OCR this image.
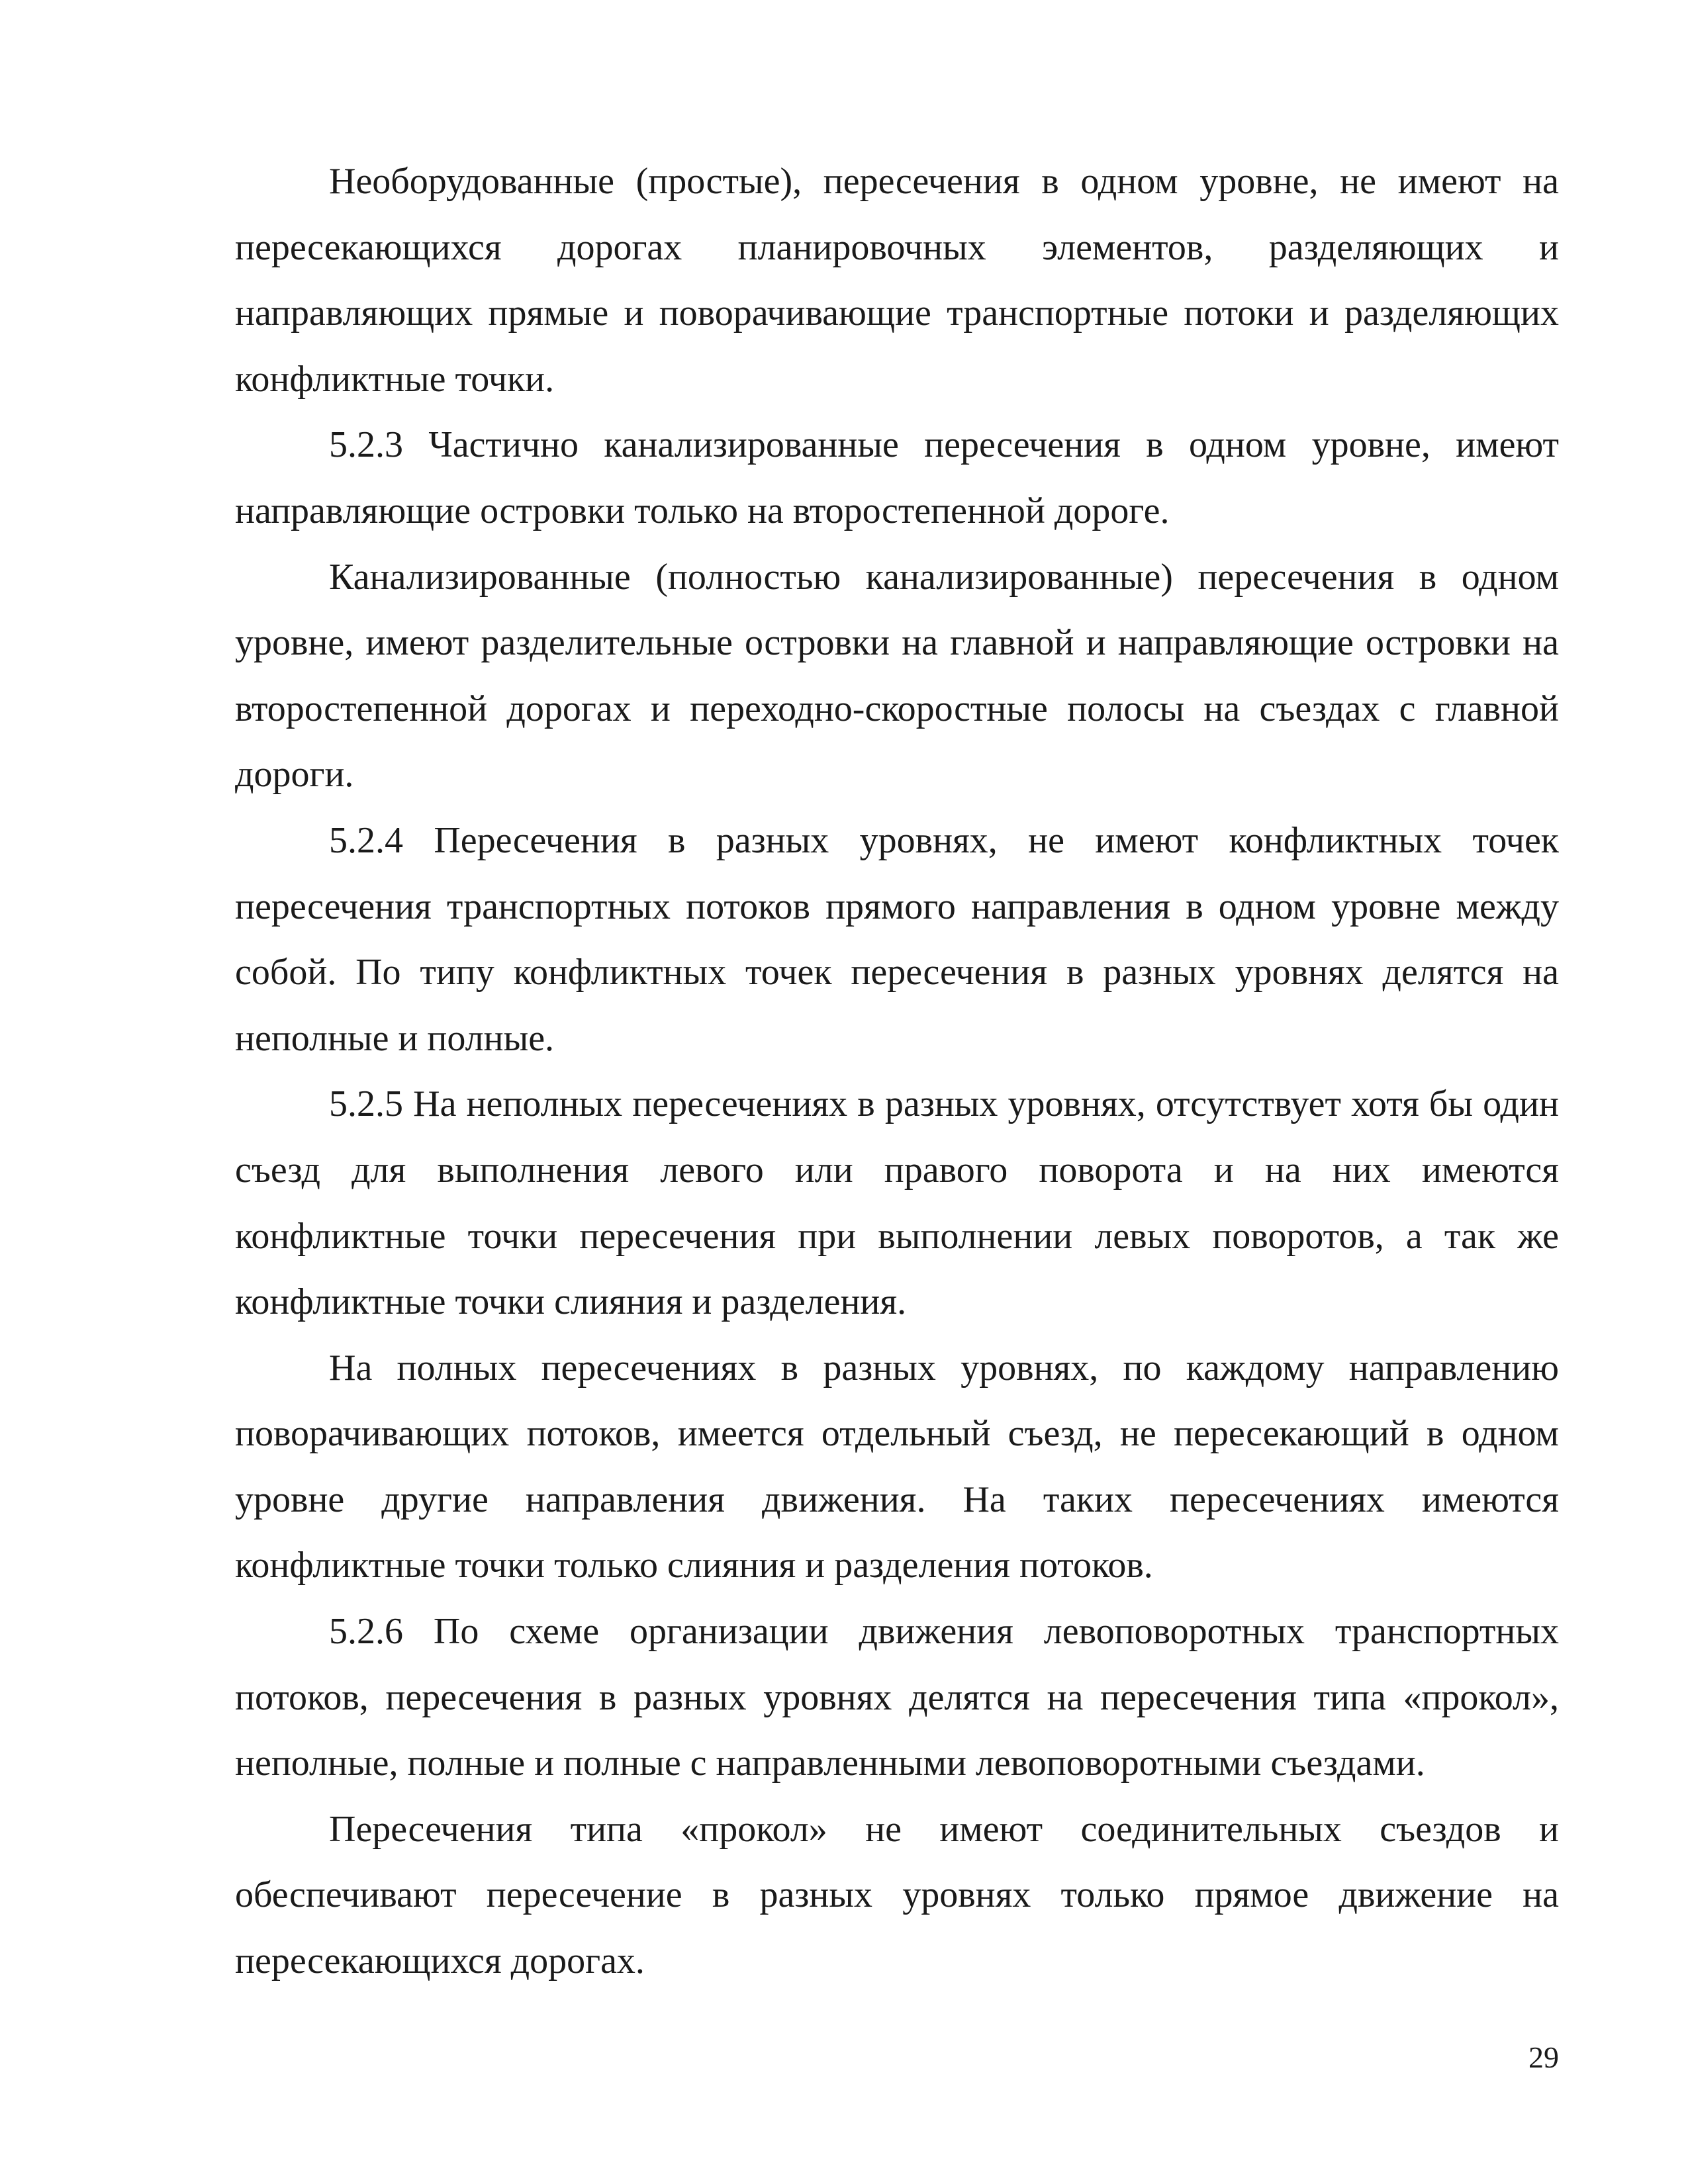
Необорудованные (простые), пересечения в одном уровне, не имеют на пересекающихся дорогах планировочных элементов, разделяющих и направляющих прямые и поворачивающие транспортные потоки и разделяющих конфликтные точки.

5.2.3 Частично канализированные пересечения в одном уровне, имеют направляющие островки только на второстепенной дороге.

Канализированные (полностью канализированные) пересечения в одном уровне, имеют разделительные островки на главной и направляющие островки на второстепенной дорогах и переходно-скоростные полосы на съездах с главной дороги.

5.2.4 Пересечения в разных уровнях, не имеют конфликтных точек пересечения транспортных потоков прямого направления в одном уровне между собой. По типу конфликтных точек пересечения в разных уровнях делятся на неполные и полные.

5.2.5 На неполных пересечениях в разных уровнях, отсутствует хотя бы один съезд для выполнения левого или правого поворота и на них имеются конфликтные точки пересечения при выполнении левых поворотов, а так же конфликтные точки слияния и разделения.

На полных пересечениях в разных уровнях, по каждому направлению поворачивающих потоков, имеется отдельный съезд, не пересекающий в одном уровне другие направления движения. На таких пересечениях имеются конфликтные точки только слияния и разделения потоков.

5.2.6 По схеме организации движения левоповоротных транспортных потоков, пересечения в разных уровнях делятся на пересечения типа «прокол», неполные, полные и полные с направленными левоповоротными съездами.

Пересечения типа «прокол» не имеют соединительных съездов и обеспечивают пересечение в разных уровнях только прямое движение на пересекающихся дорогах.

29
